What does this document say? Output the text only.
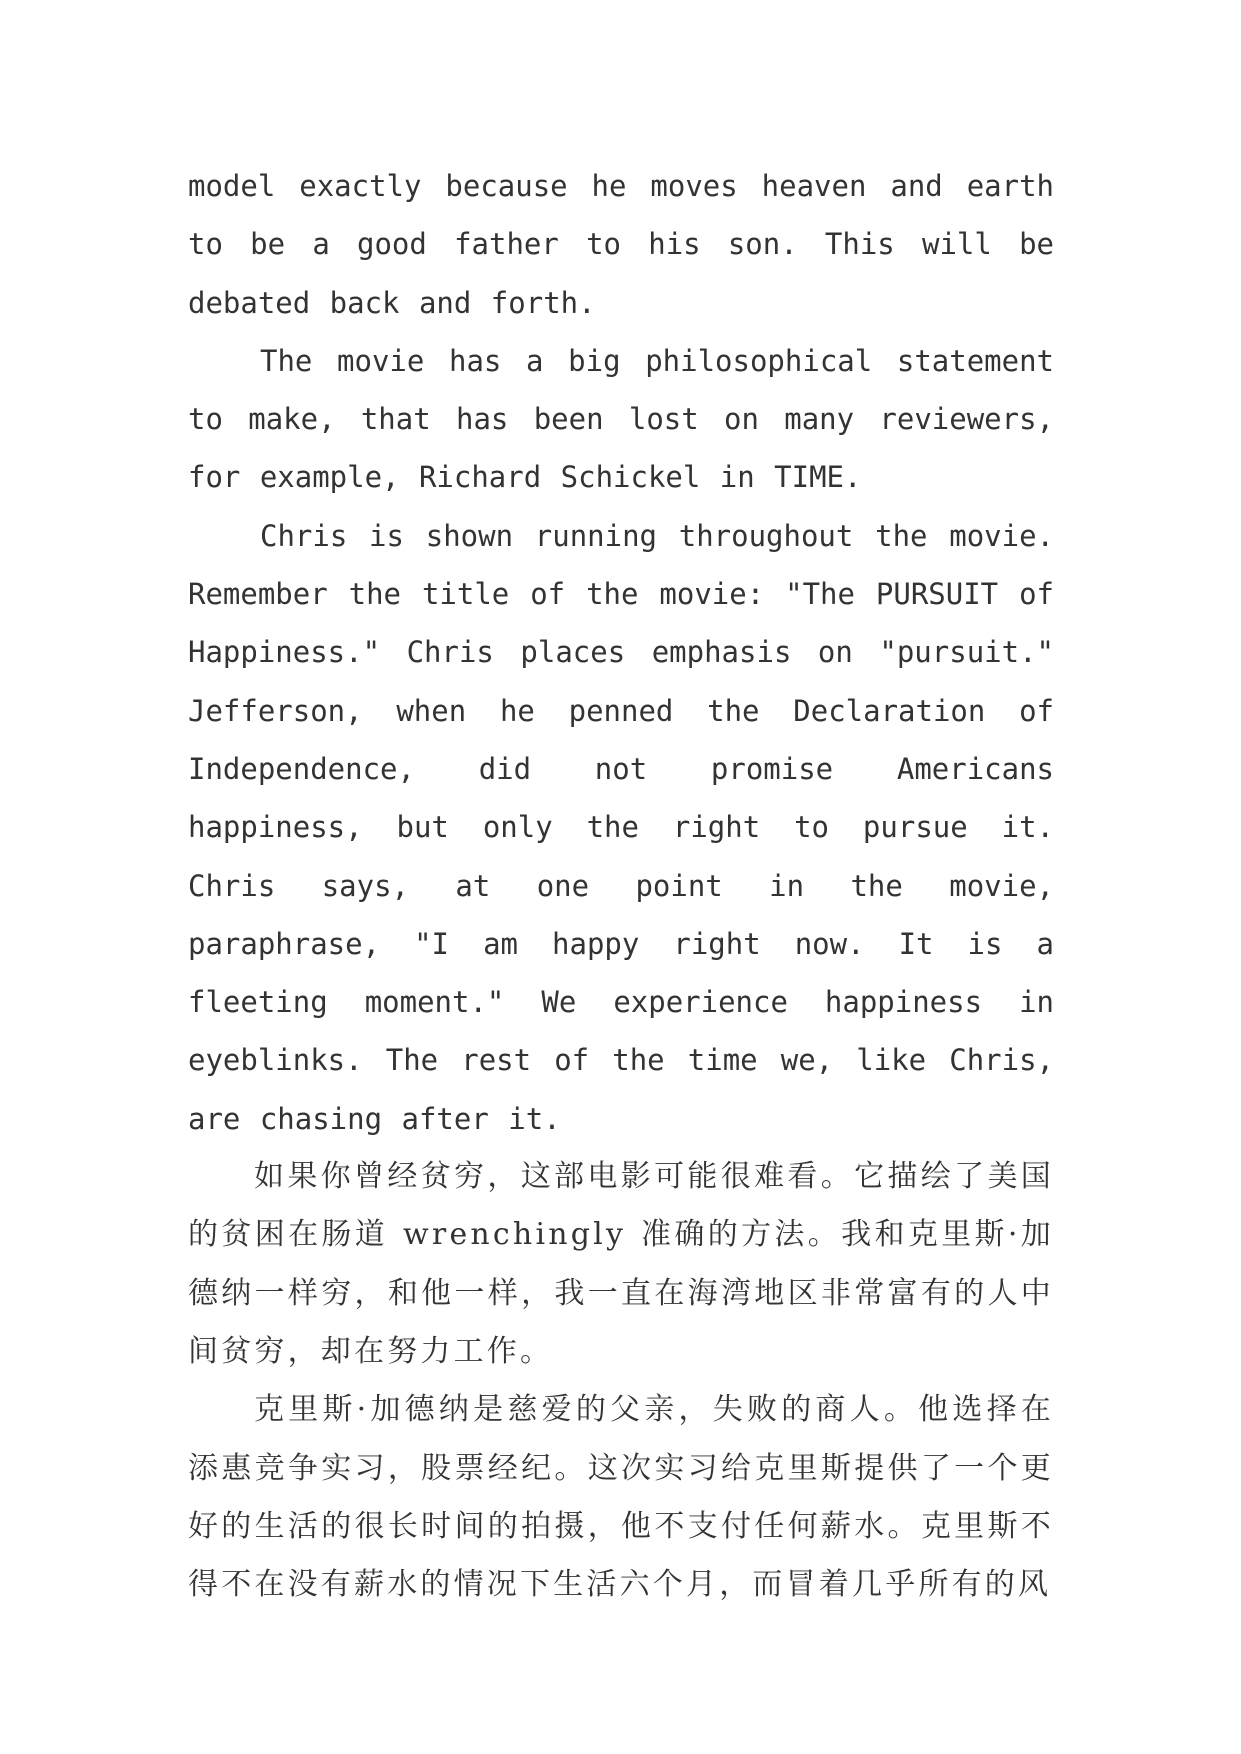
model exactly because he moves heaven and earth to be a good father to his son. This will be debated back and forth.

The movie has a big philosophical statement to make, that has been lost on many reviewers, for example, Richard Schickel in TIME.

Chris is shown running throughout the movie. Remember the title of the movie: "The PURSUIT of Happiness." Chris places emphasis on "pursuit." Jefferson, when he penned the Declaration of Independence, did not promise Americans happiness, but only the right to pursue it. Chris says, at one point in the movie, paraphrase, "I am happy right now. It is a fleeting moment." We experience happiness in eyeblinks. The rest of the time we, like Chris, are chasing after it.

如果你曾经贫穷，这部电影可能很难看。它描绘了美国的贫困在肠道 wrenchingly 准确的方法。我和克里斯·加德纳一样穷，和他一样，我一直在海湾地区非常富有的人中间贫穷，却在努力工作。

克里斯·加德纳是慈爱的父亲，失败的商人。他选择在添惠竞争实习，股票经纪。这次实习给克里斯提供了一个更好的生活的很长时间的拍摄，他不支付任何薪水。克里斯不得不在没有薪水的情况下生活六个月，而冒着几乎所有的风
